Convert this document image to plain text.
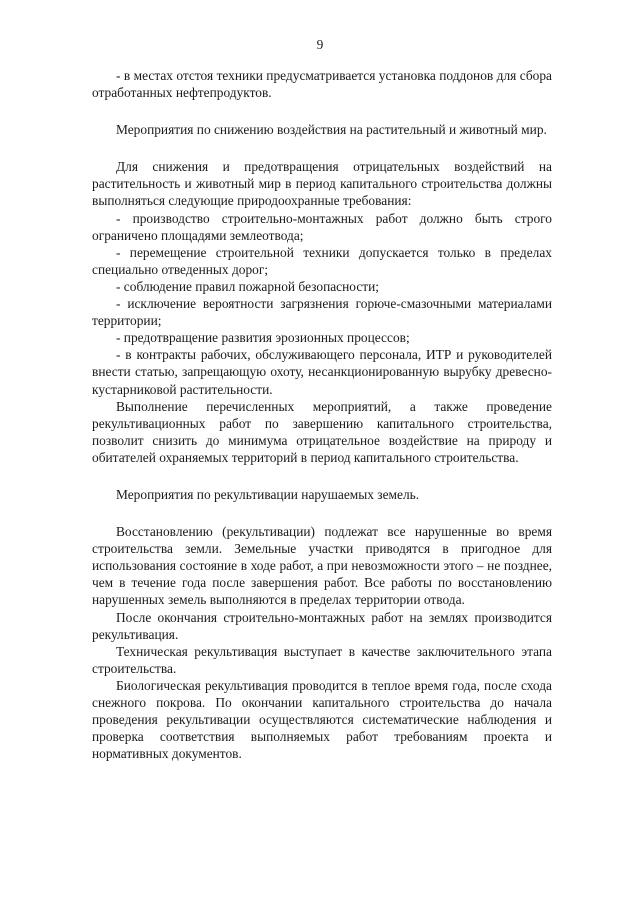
9

- в местах отстоя техники предусматривается установка поддонов для сбора отработанных нефтепродуктов.

Мероприятия по снижению воздействия на растительный и животный мир.

Для снижения и предотвращения отрицательных воздействий на растительность и животный мир в период капитального строительства должны выполняться следующие природоохранные требования:

- производство строительно-монтажных работ должно быть строго ограничено площадями землеотвода;

- перемещение строительной техники допускается только в пределах специально отведенных дорог;

- соблюдение правил пожарной безопасности;

- исключение вероятности загрязнения горюче-смазочными материалами территории;

- предотвращение развития эрозионных процессов;

- в контракты рабочих, обслуживающего персонала, ИТР и руководителей внести статью, запрещающую охоту, несанкционированную вырубку древесно-кустарниковой растительности.

Выполнение перечисленных мероприятий, а также проведение рекультивационных работ по завершению капитального строительства, позволит снизить до минимума отрицательное воздействие на природу и обитателей охраняемых территорий в период капитального строительства.

Мероприятия по рекультивации нарушаемых земель.

Восстановлению (рекультивации) подлежат все нарушенные во время строительства земли. Земельные участки приводятся в пригодное для использования состояние в ходе работ, а при невозможности этого – не позднее, чем в течение года после завершения работ. Все работы по восстановлению нарушенных земель выполняются в пределах территории отвода.

После окончания строительно-монтажных работ на землях производится рекультивация.

Техническая рекультивация выступает в качестве заключительного этапа строительства.

Биологическая рекультивация проводится в теплое время года, после схода снежного покрова. По окончании капитального строительства до начала проведения рекультивации осуществляются систематические наблюдения и проверка соответствия выполняемых работ требованиям проекта и нормативных документов.
